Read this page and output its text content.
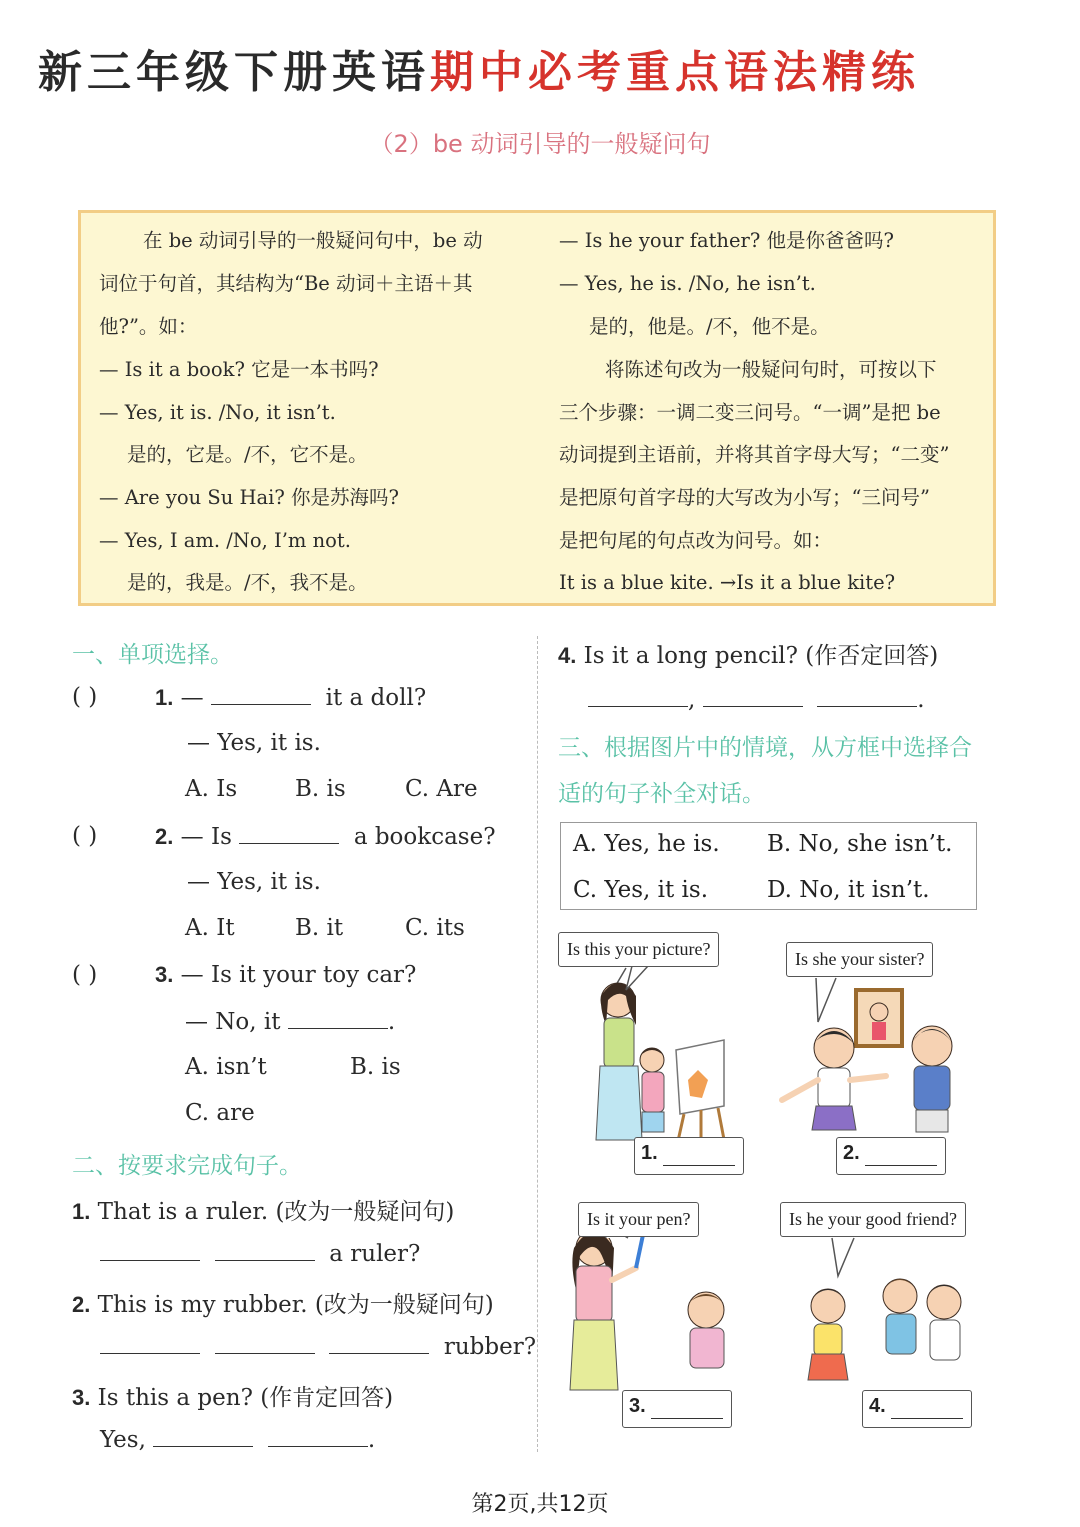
新三年级下册英语期中必考重点语法精练
（2）be 动词引导的一般疑问句
在 be 动词引导的一般疑问句中，be 动
词位于句首，其结构为“Be 动词＋主语＋其
他?”。如：
— Is it a book? 它是一本书吗?
— Yes, it is. /No, it isn’t.
是的，它是。/不，它不是。
— Are you Su Hai? 你是苏海吗?
— Yes, I am. /No, I’m not.
是的，我是。/不，我不是。
— Is he your father? 他是你爸爸吗?
— Yes, he is. /No, he isn’t.
是的，他是。/不，他不是。
将陈述句改为一般疑问句时，可按以下
三个步骤：一调二变三问号。“一调”是把 be
动词提到主语前，并将其首字母大写；“二变”
是把原句首字母的大写改为小写；“三问号”
是把句尾的句点改为问号。如：
It is a blue kite. →Is it a blue kite?
一、单项选择。
( )	1. —	it a doll?
— Yes, it is.
A. Is	B. is	C. Are
( )	2. — Is	a bookcase?
— Yes, it is.
A. It	B. it	C. its
( )	3. — Is it your toy car?
— No, it	.
A. isn’t	B. is
C. are
二、按要求完成句子。
1. That is a ruler. (改为一般疑问句)
a ruler?
2. This is my rubber. (改为一般疑问句)
rubber?
3. Is this a pen? (作肯定回答)
Yes,	.
4. Is it a long pencil? (作否定回答)
,	.
三、根据图片中的情境，从方框中选择合
适的句子补全对话。
A. Yes, he is. B. No, she isn’t.
C. Yes, it is.	D. No, it isn’t.
Is this your picture?	Is she your sister?
Is it your pen?	Is he your good friend?
1.	2.
3.	4.
第2页,共12页
